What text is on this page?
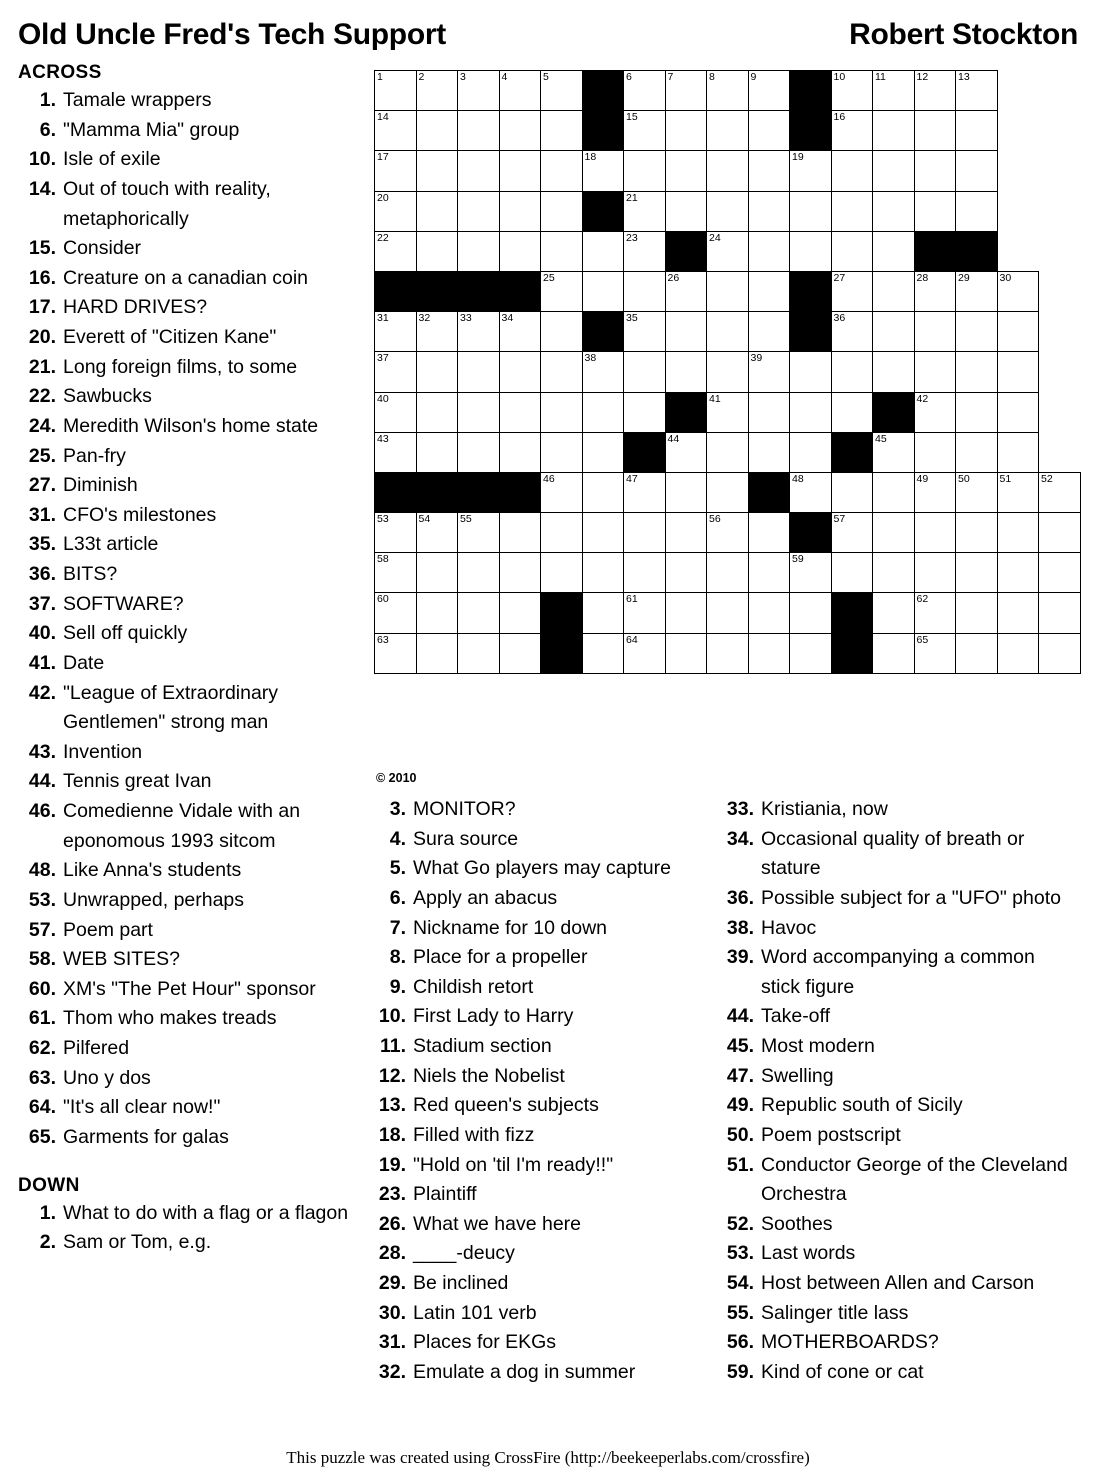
Old Uncle Fred's Tech Support	Robert Stockton
ACROSS
1. Tamale wrappers
6. "Mamma Mia" group
10. Isle of exile
14. Out of touch with reality, metaphorically
15. Consider
16. Creature on a canadian coin
17. HARD DRIVES?
20. Everett of "Citizen Kane"
21. Long foreign films, to some
22. Sawbucks
24. Meredith Wilson's home state
25. Pan-fry
27. Diminish
31. CFO's milestones
35. L33t article
36. BITS?
37. SOFTWARE?
40. Sell off quickly
41. Date
42. "League of Extraordinary Gentlemen" strong man
43. Invention
44. Tennis great Ivan
46. Comedienne Vidale with an eponomous 1993 sitcom
48. Like Anna's students
53. Unwrapped, perhaps
57. Poem part
58. WEB SITES?
60. XM's "The Pet Hour" sponsor
61. Thom who makes treads
62. Pilfered
63. Uno y dos
64. "It's all clear now!"
65. Garments for galas
DOWN
1. What to do with a flag or a flagon
2. Sam or Tom, e.g.
1	2	3	4	5		6	7	8	9		10	11	12	13		

14						15					16					

17					18					19						

20						21										

22						23		24								

				25			26				27		28	29	30	

31	32	33	34			35					36					

37					38				39							

40								41					42			

43							44					45				

				46		47				48			49	50	51	52

53	54	55						56			57					

58										59						

60						61							62			

63						64							65			

© 2010
3. MONITOR?
4. Sura source
5. What Go players may capture
6. Apply an abacus
7. Nickname for 10 down
8. Place for a propeller
9. Childish retort
10. First Lady to Harry
11. Stadium section
12. Niels the Nobelist
13. Red queen's subjects
18. Filled with fizz
19. "Hold on 'til I'm ready!!"
23. Plaintiff
26. What we have here
28. ____-deucy
29. Be inclined
30. Latin 101 verb
31. Places for EKGs
32. Emulate a dog in summer
33. Kristiania, now
34. Occasional quality of breath or stature
36. Possible subject for a "UFO" photo
38. Havoc
39. Word accompanying a common stick figure
44. Take-off
45. Most modern
47. Swelling
49. Republic south of Sicily
50. Poem postscript
51. Conductor George of the Cleveland Orchestra
52. Soothes
53. Last words
54. Host between Allen and Carson
55. Salinger title lass
56. MOTHERBOARDS?
59. Kind of cone or cat
This puzzle was created using CrossFire (http://beekeeperlabs.com/crossfire)
